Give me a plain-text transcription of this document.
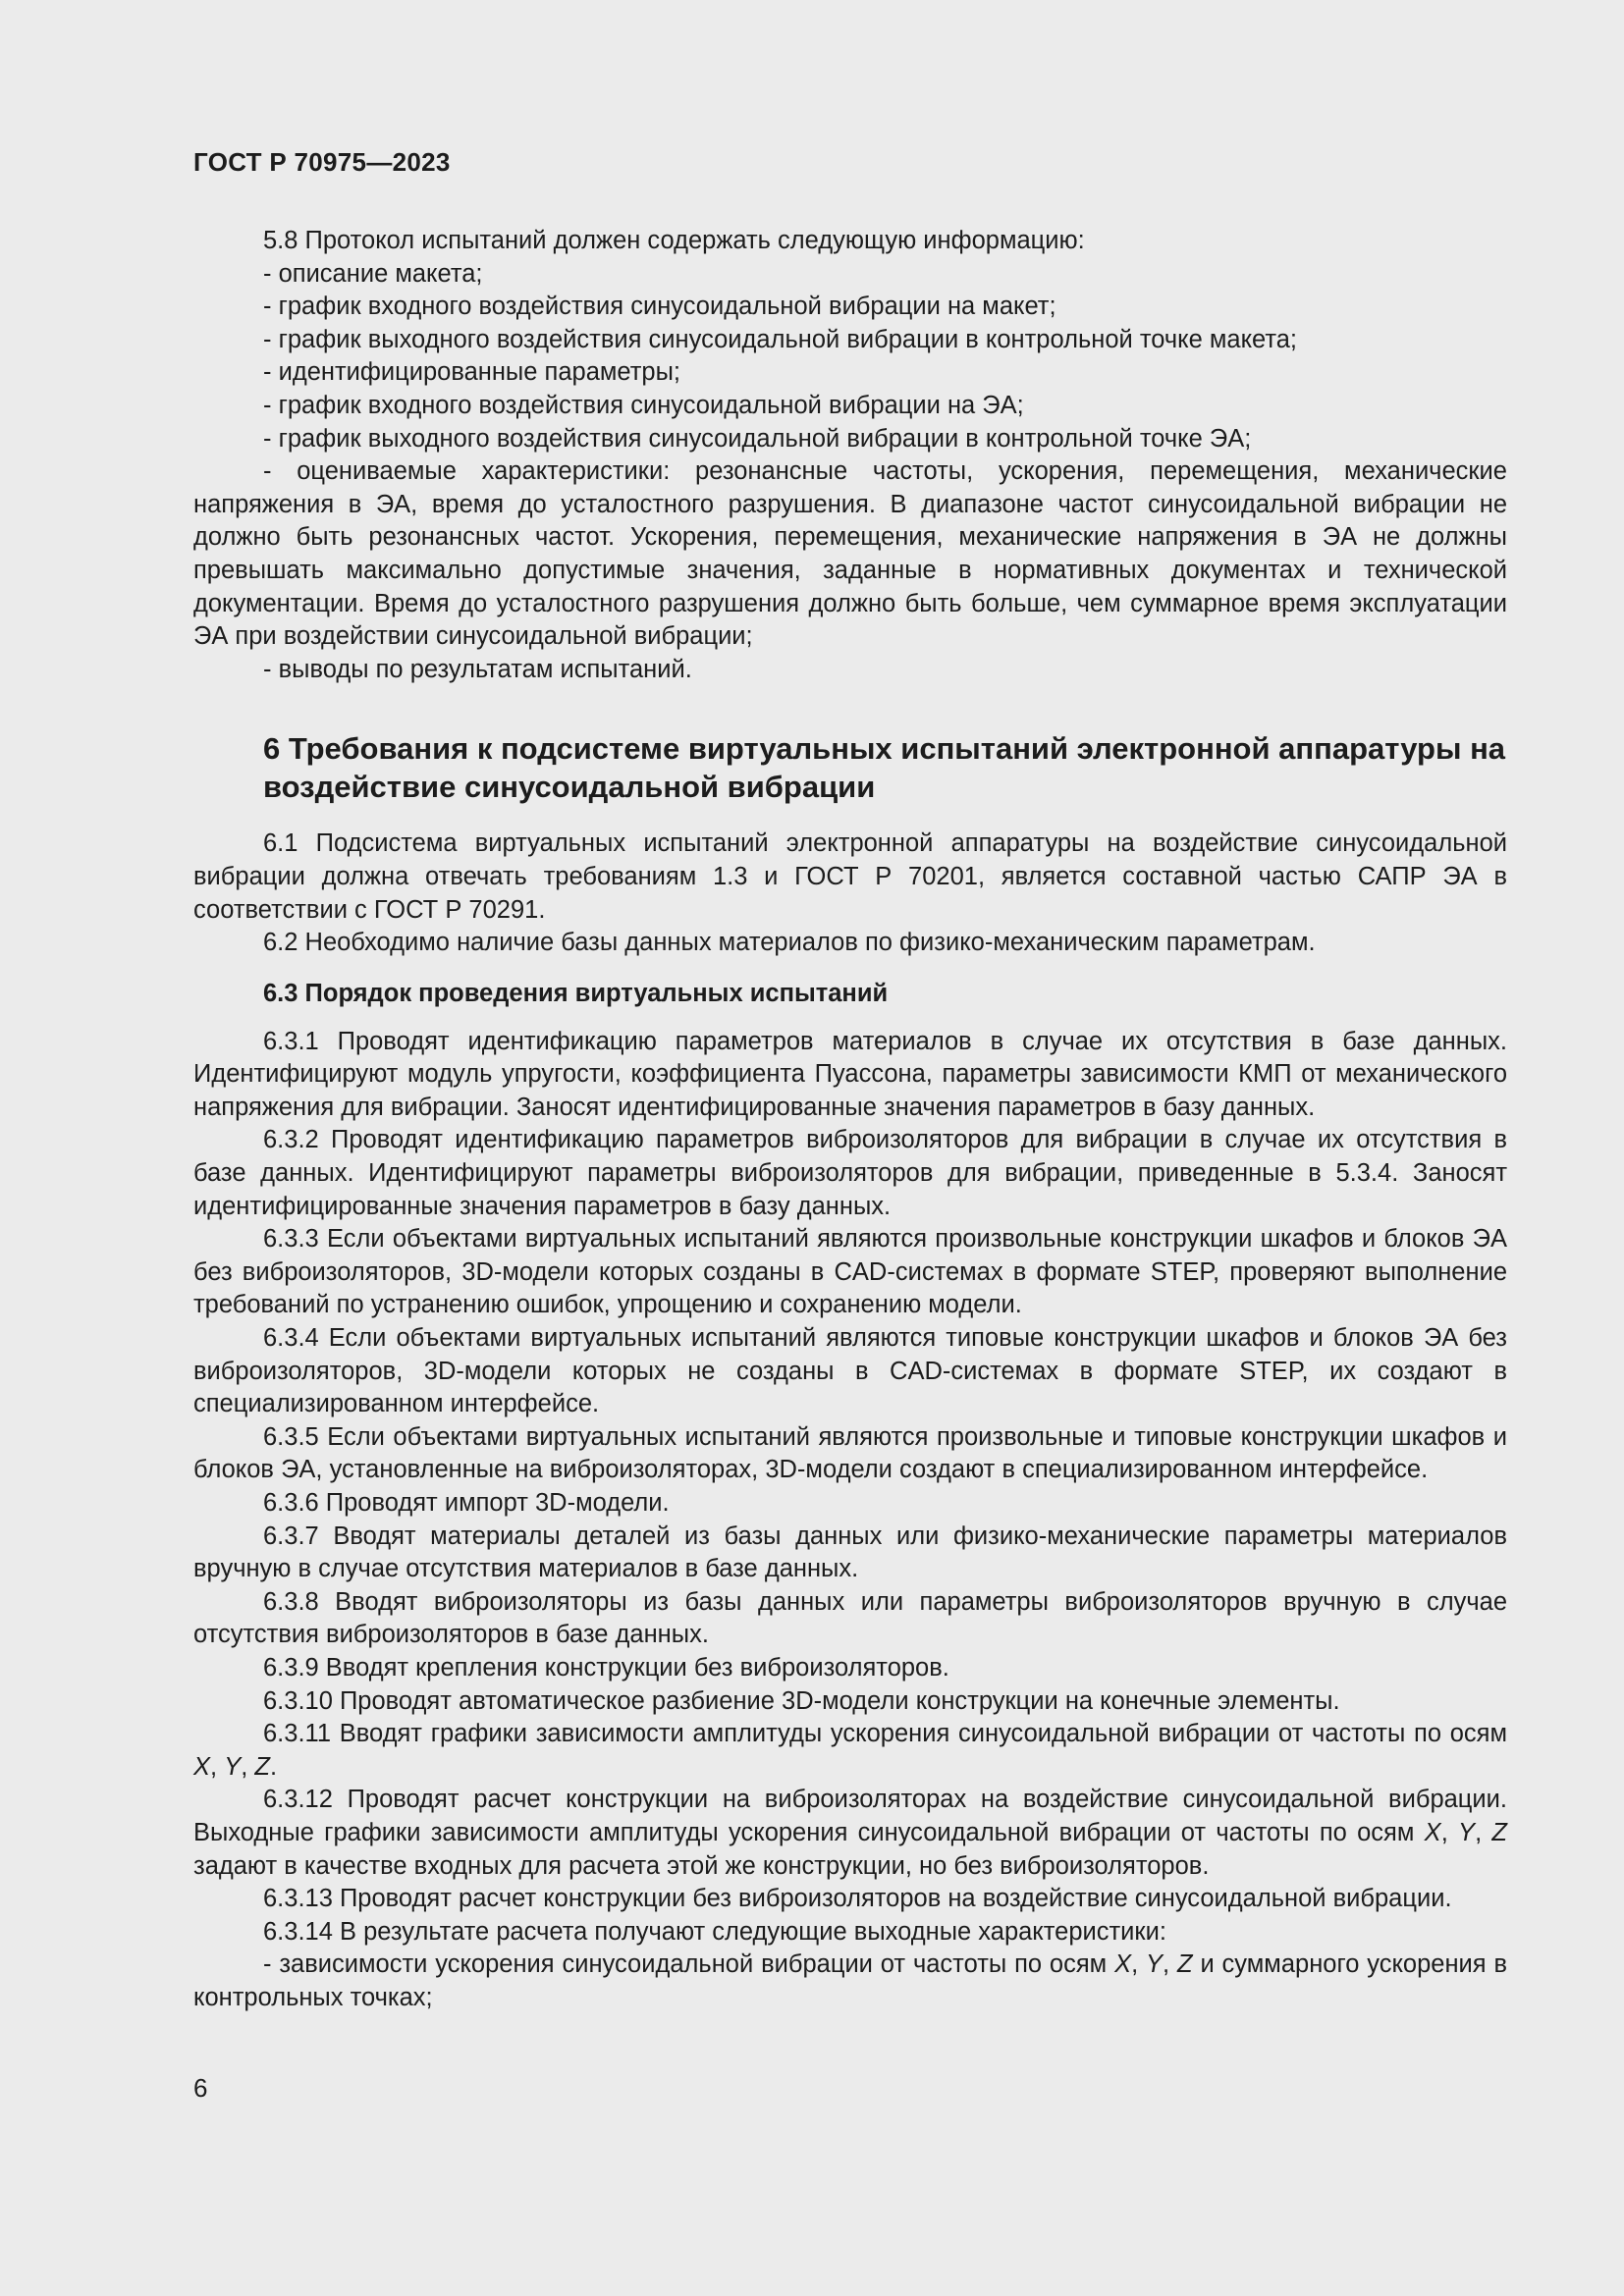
ГОСТ Р 70975—2023

5.8 Протокол испытаний должен содержать следующую информацию:

- описание макета;

- график входного воздействия синусоидальной вибрации на макет;

- график выходного воздействия синусоидальной вибрации в контрольной точке макета;

- идентифицированные параметры;

- график входного воздействия синусоидальной вибрации на ЭА;

- график выходного воздействия синусоидальной вибрации в контрольной точке ЭА;

- оцениваемые характеристики: резонансные частоты, ускорения, перемещения, механические напряжения в ЭА, время до усталостного разрушения. В диапазоне частот синусоидальной вибрации не должно быть резонансных частот. Ускорения, перемещения, механические напряжения в ЭА не должны превышать максимально допустимые значения, заданные в нормативных документах и технической документации. Время до усталостного разрушения должно быть больше, чем суммарное время эксплуатации ЭА при воздействии синусоидальной вибрации;

- выводы по результатам испытаний.

6 Требования к подсистеме виртуальных испытаний электронной аппаратуры на воздействие синусоидальной вибрации

6.1 Подсистема виртуальных испытаний электронной аппаратуры на воздействие синусоидальной вибрации должна отвечать требованиям 1.3 и ГОСТ Р 70201, является составной частью САПР ЭА в соответствии с ГОСТ Р 70291.

6.2 Необходимо наличие базы данных материалов по физико-механическим параметрам.

6.3 Порядок проведения виртуальных испытаний

6.3.1 Проводят идентификацию параметров материалов в случае их отсутствия в базе данных. Идентифицируют модуль упругости, коэффициента Пуассона, параметры зависимости КМП от механического напряжения для вибрации. Заносят идентифицированные значения параметров в базу данных.

6.3.2 Проводят идентификацию параметров виброизоляторов для вибрации в случае их отсутствия в базе данных. Идентифицируют параметры виброизоляторов для вибрации, приведенные в 5.3.4. Заносят идентифицированные значения параметров в базу данных.

6.3.3 Если объектами виртуальных испытаний являются произвольные конструкции шкафов и блоков ЭА без виброизоляторов, 3D-модели которых созданы в CAD-системах в формате STEP, проверяют выполнение требований по устранению ошибок, упрощению и сохранению модели.

6.3.4 Если объектами виртуальных испытаний являются типовые конструкции шкафов и блоков ЭА без виброизоляторов, 3D-модели которых не созданы в CAD-системах в формате STEP, их создают в специализированном интерфейсе.

6.3.5 Если объектами виртуальных испытаний являются произвольные и типовые конструкции шкафов и блоков ЭА, установленные на виброизоляторах, 3D-модели создают в специализированном интерфейсе.

6.3.6 Проводят импорт 3D-модели.

6.3.7 Вводят материалы деталей из базы данных или физико-механические параметры материалов вручную в случае отсутствия материалов в базе данных.

6.3.8 Вводят виброизоляторы из базы данных или параметры виброизоляторов вручную в случае отсутствия виброизоляторов в базе данных.

6.3.9 Вводят крепления конструкции без виброизоляторов.

6.3.10 Проводят автоматическое разбиение 3D-модели конструкции на конечные элементы.

6.3.11 Вводят графики зависимости амплитуды ускорения синусоидальной вибрации от частоты по осям X, Y, Z.

6.3.12 Проводят расчет конструкции на виброизоляторах на воздействие синусоидальной вибрации. Выходные графики зависимости амплитуды ускорения синусоидальной вибрации от частоты по осям X, Y, Z задают в качестве входных для расчета этой же конструкции, но без виброизоляторов.

6.3.13 Проводят расчет конструкции без виброизоляторов на воздействие синусоидальной вибрации.

6.3.14 В результате расчета получают следующие выходные характеристики:

- зависимости ускорения синусоидальной вибрации от частоты по осям X, Y, Z и суммарного ускорения в контрольных точках;

6
